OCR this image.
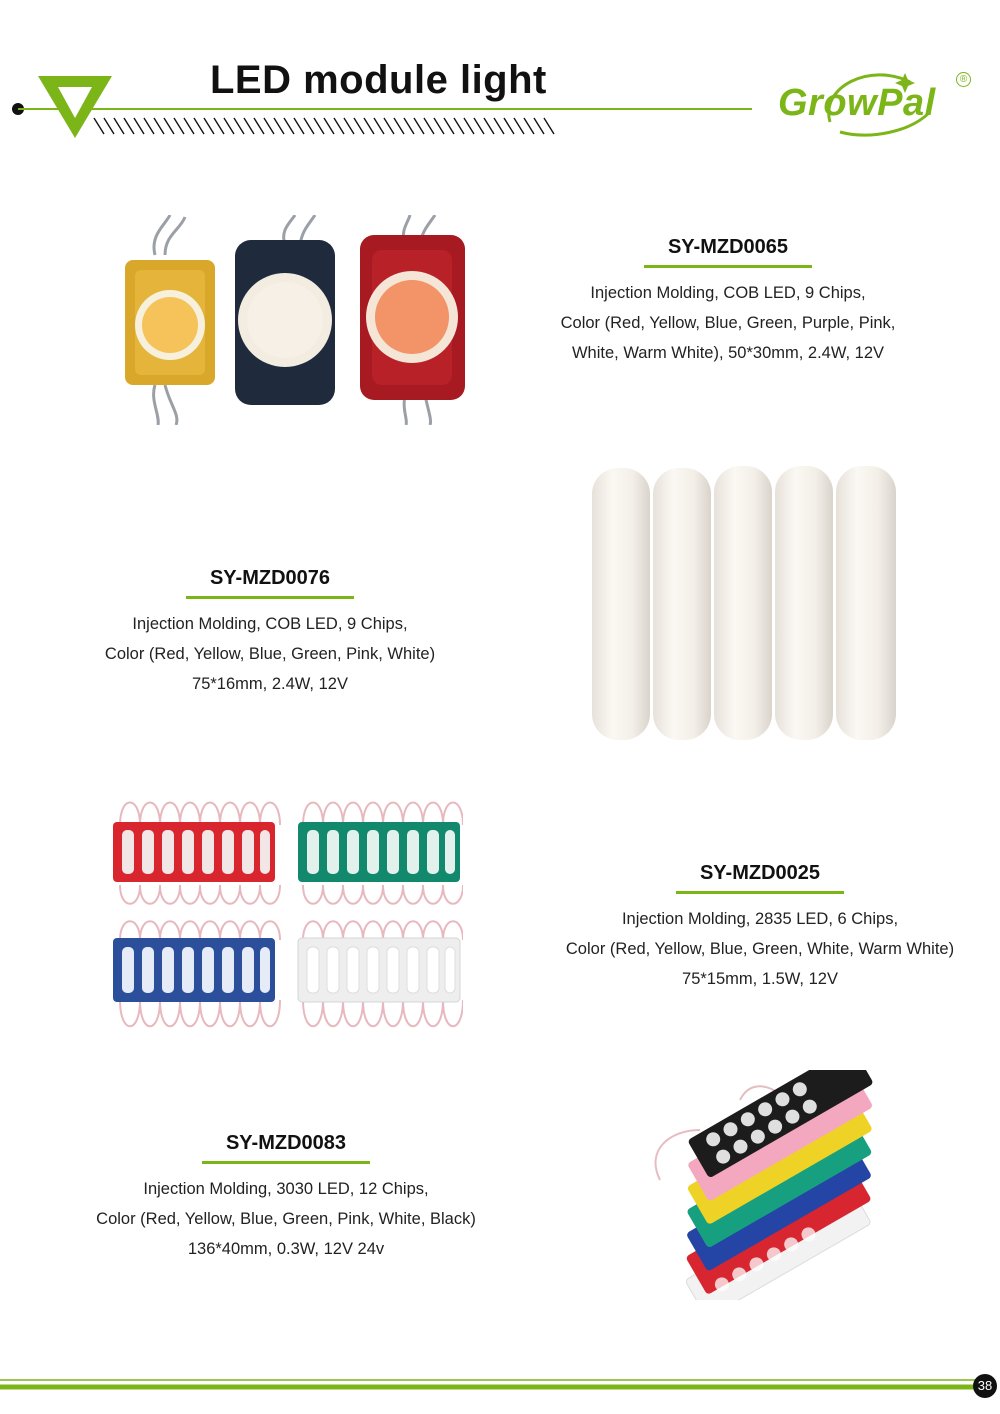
LED module light
GrowPal
®
SY-MZD0065
Injection Molding, COB LED, 9 Chips,
Color (Red, Yellow, Blue, Green, Purple, Pink,
White, Warm White), 50*30mm, 2.4W, 12V
SY-MZD0076
Injection Molding, COB LED, 9 Chips,
Color (Red, Yellow, Blue, Green, Pink, White)
75*16mm, 2.4W, 12V
SY-MZD0025
Injection Molding, 2835 LED, 6 Chips,
Color (Red, Yellow, Blue, Green, White, Warm White)
75*15mm, 1.5W, 12V
SY-MZD0083
Injection Molding, 3030 LED, 12 Chips,
Color (Red, Yellow, Blue, Green, Pink, White, Black)
136*40mm, 0.3W, 12V 24v
38
